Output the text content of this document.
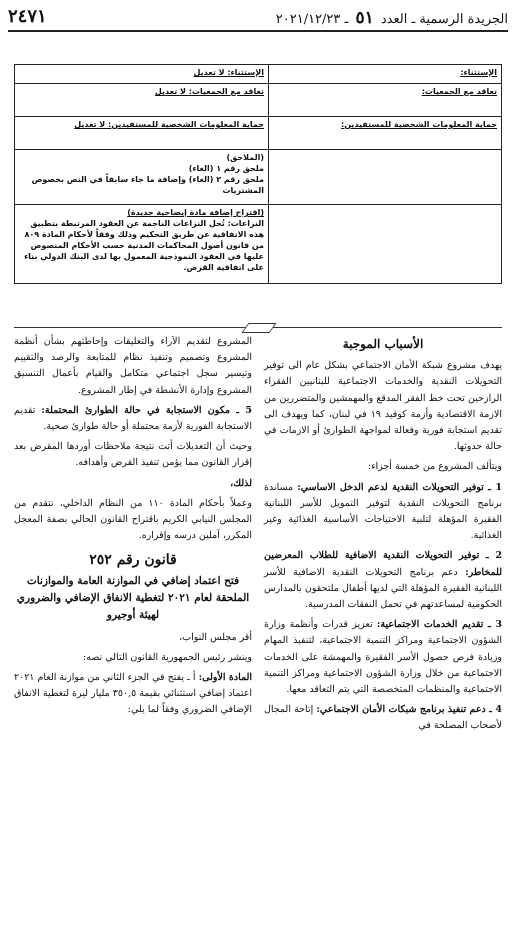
٢٤٧١	الجريدة الرسمية ـ العدد ٥١ ـ ٢٠٢١/١٢/٢٣
الإستثناء:	الإستثناء: لا تعديل
تعاقد مع الجمعيات:	تعاقد مع الجمعيات: لا تعديل
حماية المعلومات الشخصية للمستفيدين:	حماية المعلومات الشخصية للمستفيدين: لا تعديل

	(الملاحق)
ملحق رقم ١ (الغاء)
ملحق رقم ٢ (الغاء) وإضافة ما جاء سابقاً في النص بخصوص المشتريات

	(اقتراح إضافة مادة إيضاحية جديدة)
النزاعات: تُحل النزاعات الناجمة عن العقود المرتبطة بتطبيق هذه الاتفاقية عن طريق التحكيم وذلك وفقاً لأحكام المادة ٨٠٩ من قانون أصول المحاكمات المدنية حسب الأحكام المنصوص عليها في العقود النموذجية المعمول بها لدى البنك الدولي بناء على اتفاقية القرض.
الأسباب الموجبة

يهدف مشروع شبكة الأمان الاجتماعي بشكل عام الى توفير التحويلات النقدية والخدمات الاجتماعية للبنانيين الفقراء الرازحين تحت خط الفقر المدقع والمهمشين والمتضررين من الازمة الاقتصادية وأزمة كوفيد ١٩ في لبنان، كما ويهدف الى تقديم استجابة فورية وفعالة لمواجهة الطوارئ أو الازمات في حالة حدوثها.

ويتألف المشروع من خمسة أجزاء:

1 ـ توفير التحويلات النقدية لدعم الدخل الاساسي: مساندة برنامج التحويلات النقدية لتوفير التمويل للأسر اللبنانية الفقيرة المؤهلة لتلبية الاحتياجات الأساسية الغذائية وغير الغذائية.

2 ـ توفير التحويلات النقدية الاضافية للطلاب المعرضين للمخاطر: دعم برنامج التحويلات النقدية الاضافية للأسر اللبنانية الفقيرة المؤهلة التي لديها أطفال ملتحقون بالمدارس الحكومية لمساعدتهم في تحمل النفقات المدرسية.

3 ـ تقديم الخدمات الاجتماعية: تعزيز قدرات وأنظمة وزارة الشؤون الاجتماعية ومراكز التنمية الاجتماعية، لتنفيذ المهام وزيادة فرص حصول الأسر الفقيرة والمهمشة على الخدمات الاجتماعية من خلال وزارة الشؤون الاجتماعية ومراكز التنمية الاجتماعية والمنظمات المتخصصة التي يتم التعاقد معها.

4 ـ دعم تنفيذ برنامج شبكات الأمان الاجتماعي: إتاحة المجال لأصحاب المصلحة في

المشروع لتقديم الآراء والتعليقات وإحاطتهم بشأن أنظمة المشروع وتصميم وتنفيذ نظام للمتابعة والرصد والتقييم وتيسير سجل اجتماعي متكامل والقيام بأعمال التنسيق المشروع وإدارة الأنشطة في إطار المشروع.

5 ـ مكون الاستجابة في حالة الطوارئ المحتملة: تقديم الاستجابة الفورية لأزمة محتملة أو حالة طوارئ صحية.

وحيث أن التعديلات أتت نتيجة ملاحظات أوردها المقرض بعد إقرار القانون مما يؤمن تنفيذ القرض وأهدافه.

لذلك،

وعملاً بأحكام المادة ١١٠ من النظام الداخلي، نتقدم من المجلس النيابي الكريم باقتراح القانون الحالي بصفة المعجل المكرر، آملين درسه وإقراره.

قانون رقم ٢٥٢
فتح اعتماد إضافي في الموازنة العامة والموازنات الملحقة لعام ٢٠٢١ لتغطية الانفاق الإضافي والضروري لهيئة أوجيرو

أقر مجلس النواب،

وينشر رئيس الجمهورية القانون التالي نصه:

المادة الأولى: أ ـ يفتح في الجزء الثاني من موازنة العام ٢٠٢١ اعتماد إضافي استثنائي بقيمة ٣٥٠,٥ مليار ليرة لتغطية الانفاق الإضافي الضروري وفقاً لما يلي:
